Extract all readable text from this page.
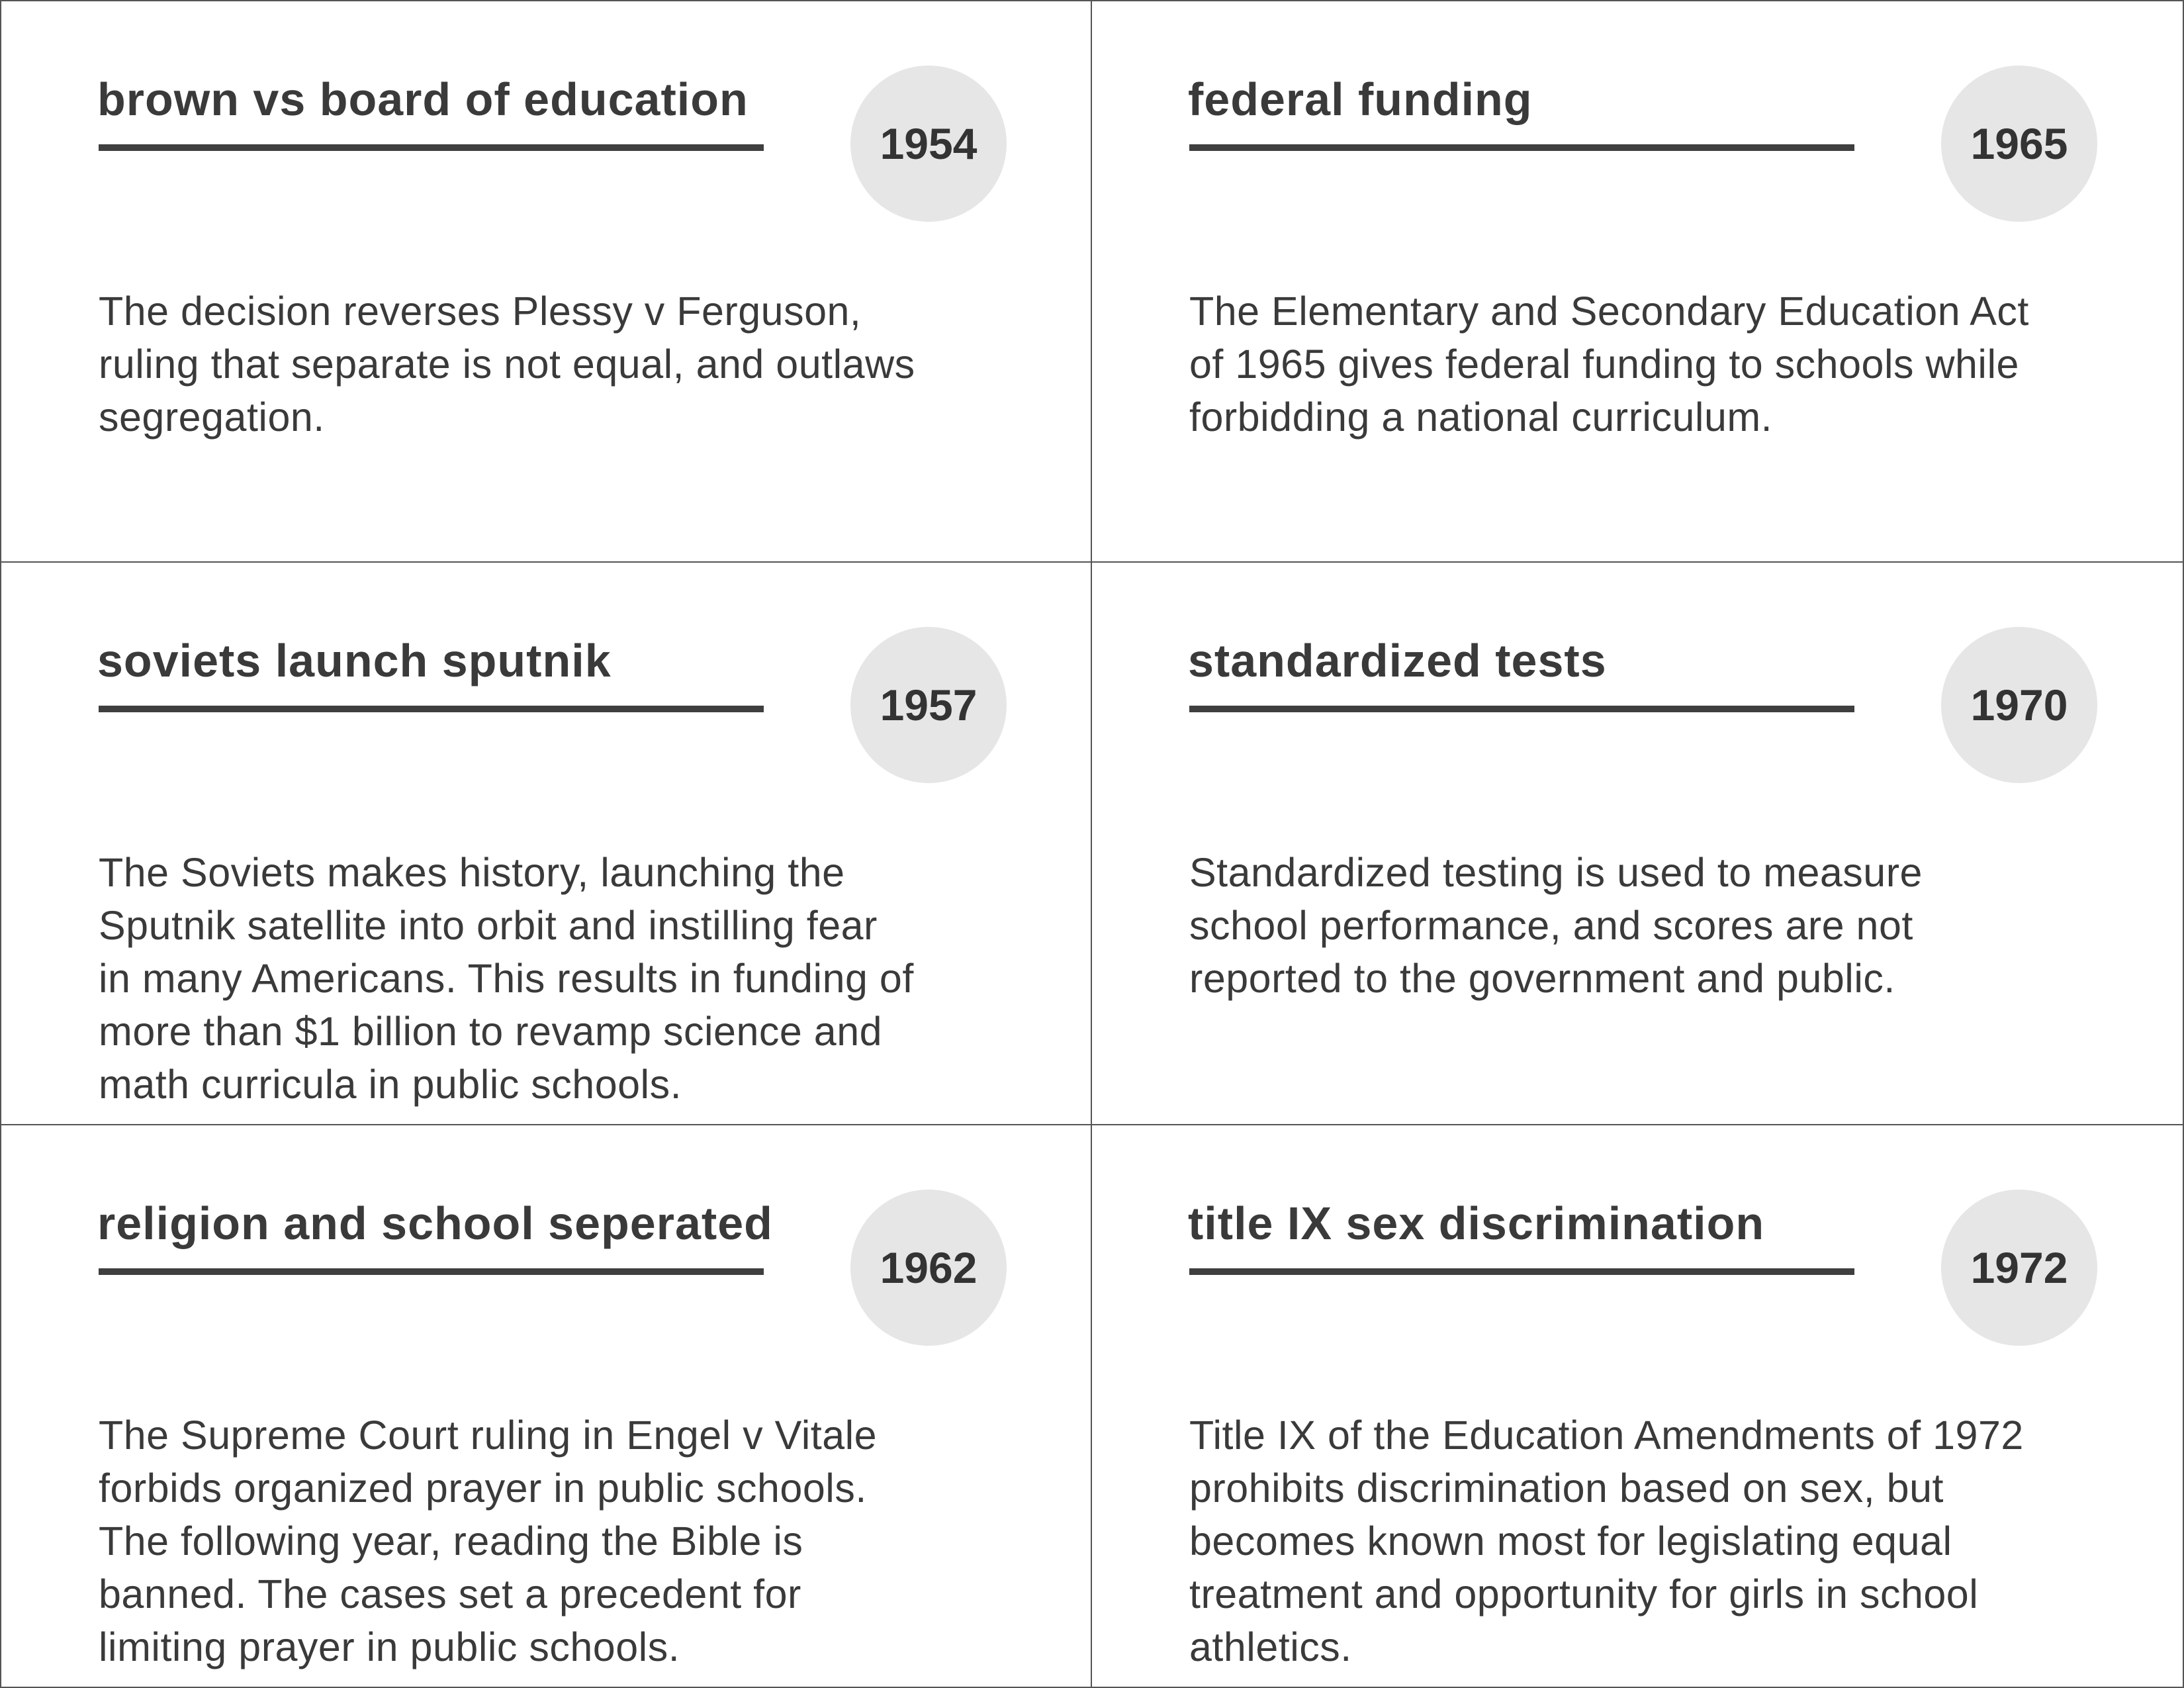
brown vs board of education
1954

The decision reverses Plessy v Ferguson,
ruling that separate is not equal, and outlaws
segregation.

federal funding
1965

The Elementary and Secondary Education Act
of 1965 gives federal funding to schools while
forbidding a national curriculum.

soviets launch sputnik
1957

The Soviets makes history, launching the
Sputnik satellite into orbit and instilling fear
in many Americans. This results in funding of
more than $1 billion to revamp science and
math curricula in public schools.

standardized tests
1970

Standardized testing is used to measure
school performance, and scores are not
reported to the government and public.

religion and school seperated
1962

The Supreme Court ruling in Engel v Vitale
forbids organized prayer in public schools.
The following year, reading the Bible is
banned. The cases set a precedent for
limiting prayer in public schools.

title IX sex discrimination
1972

Title IX of the Education Amendments of 1972
prohibits discrimination based on sex, but
becomes known most for legislating equal
treatment and opportunity for girls in school
athletics.
